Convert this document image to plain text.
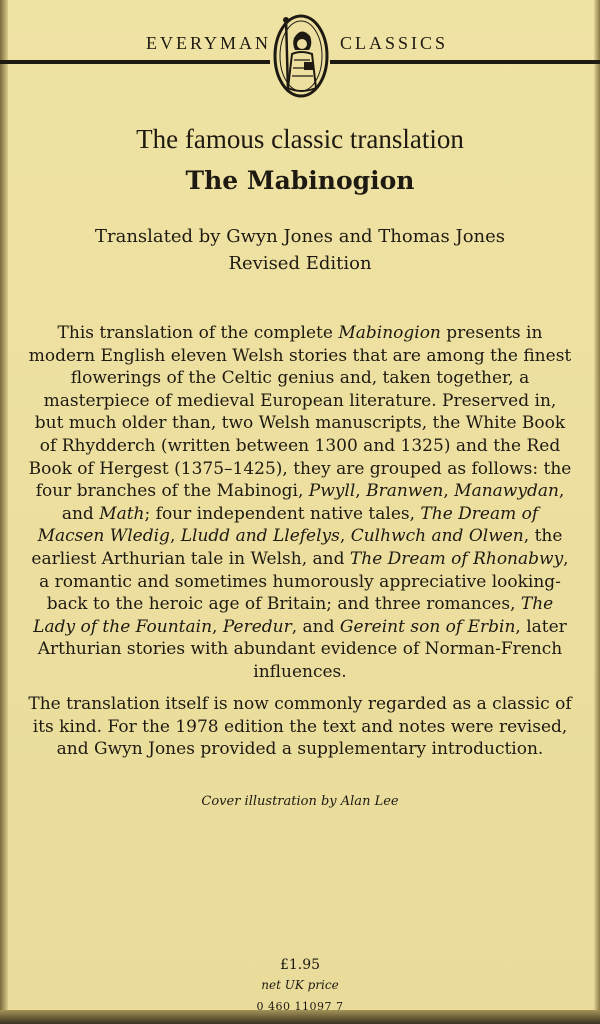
EVERYMAN	CLASSICS
The famous classic translation
The Mabinogion
Translated by Gwyn Jones and Thomas Jones
Revised Edition
This translation of the complete Mabinogion presents in modern English eleven Welsh stories that are among the finest flowerings of the Celtic genius and, taken together, a masterpiece of medieval European literature. Preserved in, but much older than, two Welsh manuscripts, the White Book of Rhydderch (written between 1300 and 1325) and the Red Book of Hergest (1375–1425), they are grouped as follows: the four branches of the Mabinogi, Pwyll, Branwen, Manawydan, and Math; four independent native tales, The Dream of Macsen Wledig, Lludd and Llefelys, Culhwch and Olwen, the earliest Arthurian tale in Welsh, and The Dream of Rhonabwy, a romantic and sometimes humorously appreciative looking-back to the heroic age of Britain; and three romances, The Lady of the Fountain, Peredur, and Gereint son of Erbin, later Arthurian stories with abundant evidence of Norman-French influences.
The translation itself is now commonly regarded as a classic of its kind. For the 1978 edition the text and notes were revised, and Gwyn Jones provided a supplementary introduction.
Cover illustration by Alan Lee
£1.95
net UK price
0 460 11097 7
